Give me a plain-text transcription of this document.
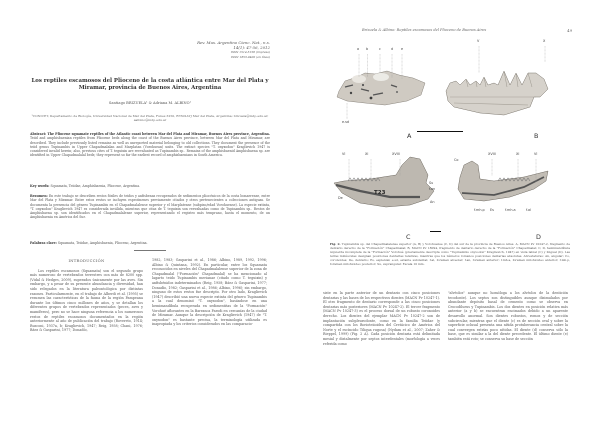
Rev. Mus. Argentino Cienc. Nat., n.s.
14(1): 47-56, 2012
ISSN 1514-5158 (impresa)
ISSN 1853-0400 (en línea)
Los reptiles escamosos del Plioceno de la costa atlántica entre Mar del Plata y Miramar, provincia de Buenos Aires, Argentina
Santiago BRIZUELA¹ & Adriana M. ALBINO¹
¹CONICET, Departamento de Biología, Universidad Nacional de Mar del Plata, Funes 3250, B7602AYJ Mar del Plata, Argentina; brizuela@mdp.edu.ar; aalbino@mdp.edu.ar
Abstract: The Pliocene squamate reptiles of the Atlantic coast between Mar del Plata and Miramar, Buenos Aires province, Argentina. Teiid and amphisbaenian reptiles from Pliocene beds along the coast of the Buenos Aires province, between Mar del Plata and Miramar, are described. They include previously listed remains as well as unreported material belonging to old collections. They document the presence of the teiid genus Tupinambis in Upper Chapadmalalan and Marplatan (Vorohuean) units. The extinct species "T. onyxodon" Kraglievich 1947 is considered invalid herein; also, previous cites of T. teguixin are reevaluated as Tupinambis sp.. Remains of the amphisbaenid Amphisbaena sp. are identified in Upper Chapadmalalal beds; they represent so far the earliest record of amphisbaenians in South America.
Key words: Squamata, Teiidae, Amphisbaenia, Pliocene, Argentina.
Resumen: En este trabajo se describen restos fósiles de teidos y anfisbenas recuperados de sedimentos pliocénicos de la costa bonaerense, entre Mar del Plata y Miramar. Entre estos restos se incluyen especímenes previamente citados y otros pertenecientes a colecciones antiguas. Se documenta la presencia del género Tupinambis en el Chapadmalalense superior y el Marplatense (subpiso/edad Vorohuense). La especie extinta, "T. onyxodon" Kraglievich 1947 es considerada inválida, mientras que citas de T. teguixin son reevaluadas como de Tupinambis sp.. Restos de Amphisbaena sp. son identificados en el Chapadmalalense superior, representando el registro más temprano, hasta el momento, de un Amphisbaenia en América del Sur.
Palabras clave: Squamata, Teiidae, Amphisbaenia, Plioceno, Argentina.
INTRODUCCIÓN
Los reptiles escamosos (Squamata) son el segundo grupo más numeroso de vertebrados terrestres con más de 8200 spp. (Vidal & Hedges, 2009), superados únicamente por las aves. Sin embargo, y a pesar de su presente abundancia y diversidad, han sido relegados en la literatura paleontológica por distintas razones. Particularmente, en el trabajo de Alberdi et al. (1995) se resumen las características de la fauna de la región Pampeana durante los últimos cinco millones de años, y se detallan los diferentes grupos de vertebrados representados (peces, aves y mamíferos), pero no se hace ninguna referencia a los numerosos restos de reptiles escamosos documentados en la región anteriormente al año de publicación del trabajo (Rovereto, 1914; Rusconi, 1937a, b; Kraglievich, 1947; Reig, 1958; Chani, 1976; Báez & Gasparini, 1977; Donadío,
1982, 1983; Gasparini et al., 1986; Albino, 1989, 1992, 1996; Albino & Quintana, 1992). En particular, entre los Squamata reconocidos en niveles del Chapadmalalense superior de la zona de Chapadmalal ("Formación" Chapadmalal) se ha mencionado al lagarto teido Tupinambis merianae (citado como T. teguixin) y anfisbénidos indeterminados (Reig, 1958; Báez & Gasparini, 1977; Donadío, 1982; Gasparini et al., 1986; Albino, 1996); sin embargo, ninguno de estos restos fue descripto. Por otro lado, Kraglievich (1947) describió una nueva especie extinta del género Tupinambis a la cual denominó "T. onyxodon", basándose en una hemimandíbula recuperada en sedimentitas de la "Formación" Vorohué aflorantes en la Barranca Parodi en cercanías de la ciudad de Miramar. Aunque la descripción de Kraglievich (1947) de "T. onyxodon" es bastante precisa, la terminología utilizada es inapropiada y los criterios considerados en las comparacio-
Brizuela & Albino: Reptiles escamosos del Plioceno de Buenos Aires	49
a b	c	d e
e.sd
V	X
A	B
T23
VI	XI	XVIII
Su
f.an
De
An
Co
XVIII	XI	VI
f.mh.p Es	f.mh.a	f.al
C	D
Fig. 2. Tupinambis sp. del Chapadmalalense superior (A, B) y Vorohuense (C, D) del sur de la provincia de Buenos Aires. A, MACN Pv 10247-2, fragmento de dentario derecho de la "Formación" Chapadmalal; B, MACN Pv 18094, fragmento de dentario derecho de la "Formación" Chapadmalal; C, D, hemimandíbula izquierda incompleta de la "Formación" Vorohué (previamente descripta como "Tupinambis onyxodon" Kraglievich, 1947) en vista labial (C) y lingual (D). Las letras minúsculas designan posiciones dentarias relativas, mientras que los números romanos posiciones dentarias absolutas. Abreviaturas: An, angular; Co, coronoides; De, dentario; Es, esplenial; e.sd, estante subdental; f.al, foramen alveolar; f.an, foramen anterior; f.mh.a, foramen milohioideo anterior; f.mh.p, foramen milohioideo posterior; Su, suprangular. Escala 10 mm.
siste en la parte anterior de un dentario con cinco posiciones dentarias y las bases de los respectivos dientes (MACN Pv 10247-1). El otro fragmento de dentario corresponde a las cinco posiciones dentarias más posteriores (MACN Pv 10247-2). El tercer fragmento (MACN Pv 10247-3) es el proceso dorsal de un robusto coronoides derecho. Los dientes del ejemplar MACN Pv 10247-2 son de implantación subpleurodonte, como en la familia Teiidae (y compartida con los Borioteiioidea del Cretácico de América del Norte y el escíncido Tiliqua rugosa) (Nydam et al., 2007; Zaher & Rieppel, 1999) (Fig. 2 A). Cada posición dentaria está delimitada mesial y distalmente por septos interdentales (morfología a veces referida como
"alvéolos" aunque no homóloga a los alvéolos de la dentición tecodonte). Los septos son distinguibles aunque disimulados por abundante depósito basal de cemento como se observa en Crocodilurus y Tupinambis. Los dos dientes en posición relativa más anterior (a y b) se encuentran encimados debido a un aparente desarrollo anormal. Son dientes robustos, romos y de sección subcircular, mientras que el diente (c) es de sección oval y sobre la superficie oclusal presenta una nítida protuberancia central sobre la cual convergen estrías poco nítidas. El diente (d) conserva sólo la base, que es similar a la del diente precedente. El último diente (e) también está roto; se conserva su base de sección
